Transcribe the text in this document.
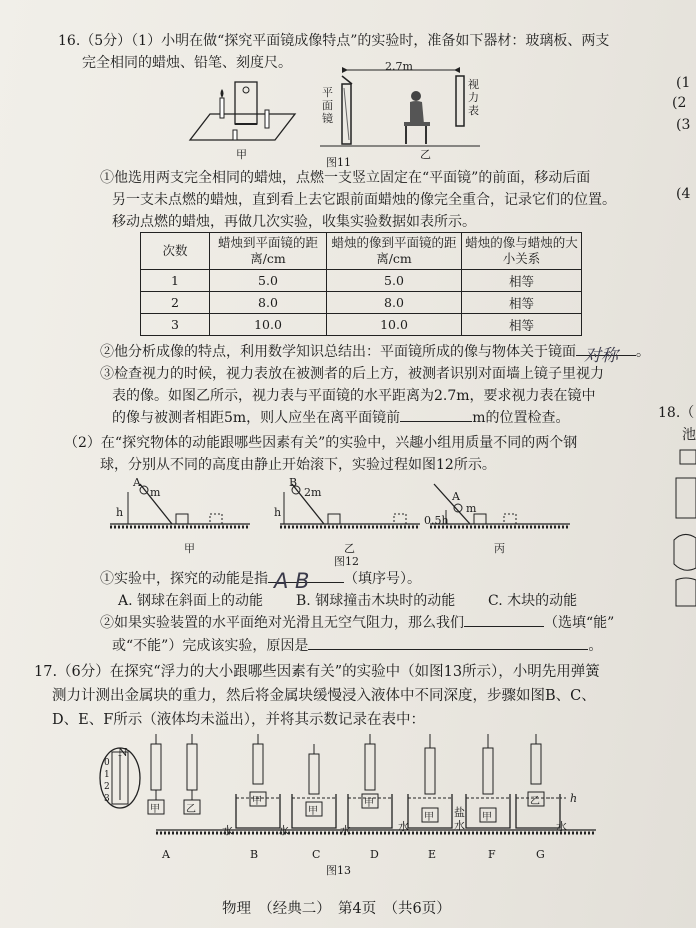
16.（5分）（1）小明在做“探究平面镜成像特点”的实验时，准备如下器材：玻璃板、两支
完全相同的蜡烛、铅笔、刻度尺。	2.7m
平
面
镜
视
力
表
甲	乙
图11
①他选用两支完全相同的蜡烛，点燃一支竖立固定在“平面镜”的前面，移动后面
另一支未点燃的蜡烛，直到看上去它跟前面蜡烛的像完全重合，记录它们的位置。
移动点燃的蜡烛，再做几次实验，收集实验数据如表所示。
次数	蜡烛到平面镜的距离/cm	蜡烛的像到平面镜的距离/cm	蜡烛的像与蜡烛的大小关系
1	5.0	5.0	相等
2	8.0	8.0	相等
3	10.0	10.0	相等
②他分析成像的特点，利用数学知识总结出：平面镜所成的像与物体关于镜面 对称 。
③检查视力的时候，视力表放在被测者的后上方，被测者识别对面墙上镜子里视力
表的像。如图乙所示，视力表与平面镜的水平距离为2.7m，要求视力表在镜中
的像与被测者相距5m，则人应坐在离平面镜前	m的位置检查。
（2）在“探究物体的动能跟哪些因素有关”的实验中，兴趣小组用质量不同的两个钢
球，分别从不同的高度由静止开始滚下，实验过程如图12所示。
A
m
h
甲
B
2m
h
乙
图12
A
m
0.5h
丙
①实验中，探究的动能是指 A B （填序号）。
A. 钢球在斜面上的动能 B. 钢球撞击木块时的动能 C. 木块的动能
②如果实验装置的水平面绝对光滑且无空气阻力，那么我们	（选填“能”
或“不能”）完成该实验，原因是	。
17.（6分）在探究“浮力的大小跟哪些因素有关”的实验中（如图13所示），小明先用弹簧
测力计测出金属块的重力，然后将金属块缓慢浸入液体中不同深度，步骤如图B、C、
D、E、F所示（液体均未溢出），并将其示数记录在表中：
N
0
1
2
3
甲	乙
甲
甲
甲
甲	甲
乙	h
水	水	水	水
盐水	水
A	B	C	D	E	F	G
图13
(1
(2
(3
(4
18.（
池
物理　（经典二）　第4页　（共6页）
